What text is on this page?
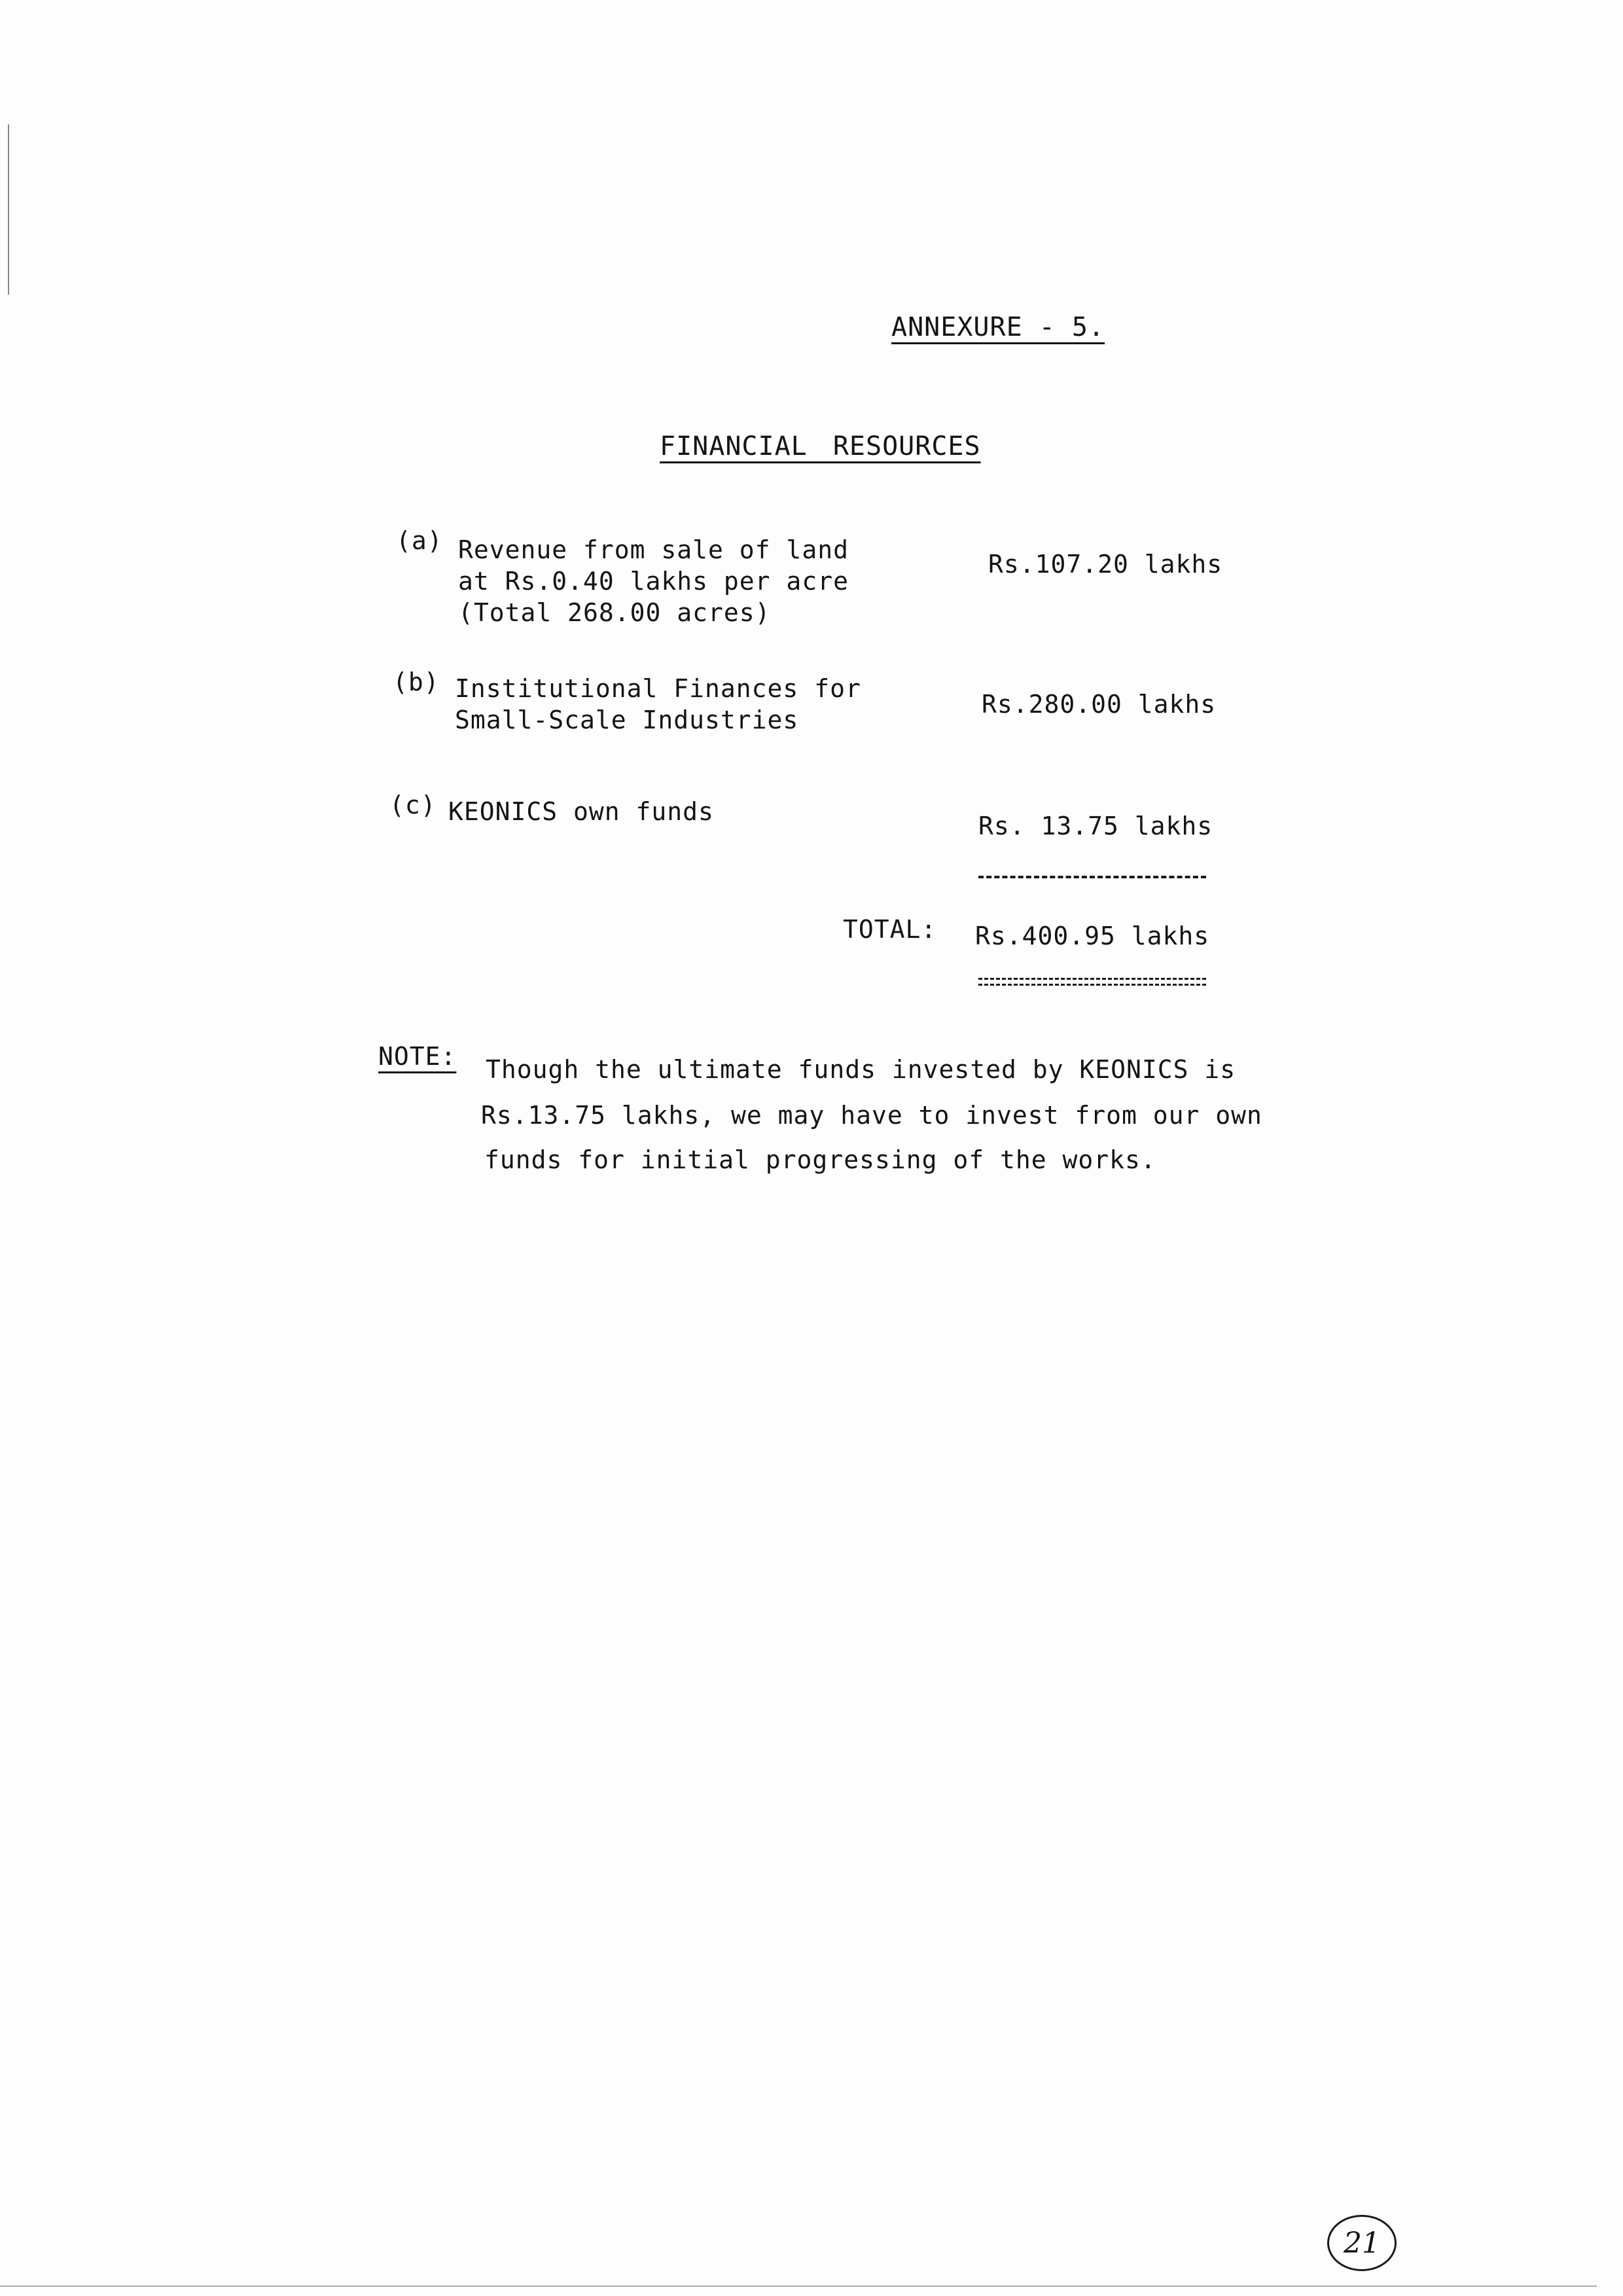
ANNEXURE - 5.
FINANCIAL RESOURCES
(a) Revenue from sale of land
at Rs.0.40 lakhs per acre
(Total 268.00 acres)
Rs.107.20 lakhs
(b) Institutional Finances for
Small-Scale Industries
Rs.280.00 lakhs
(c) KEONICS own funds	Rs. 13.75 lakhs
TOTAL: Rs.400.95 lakhs
NOTE: Though the ultimate funds invested by KEONICS is
Rs.13.75 lakhs, we may have to invest from our own
funds for initial progressing of the works.
21
